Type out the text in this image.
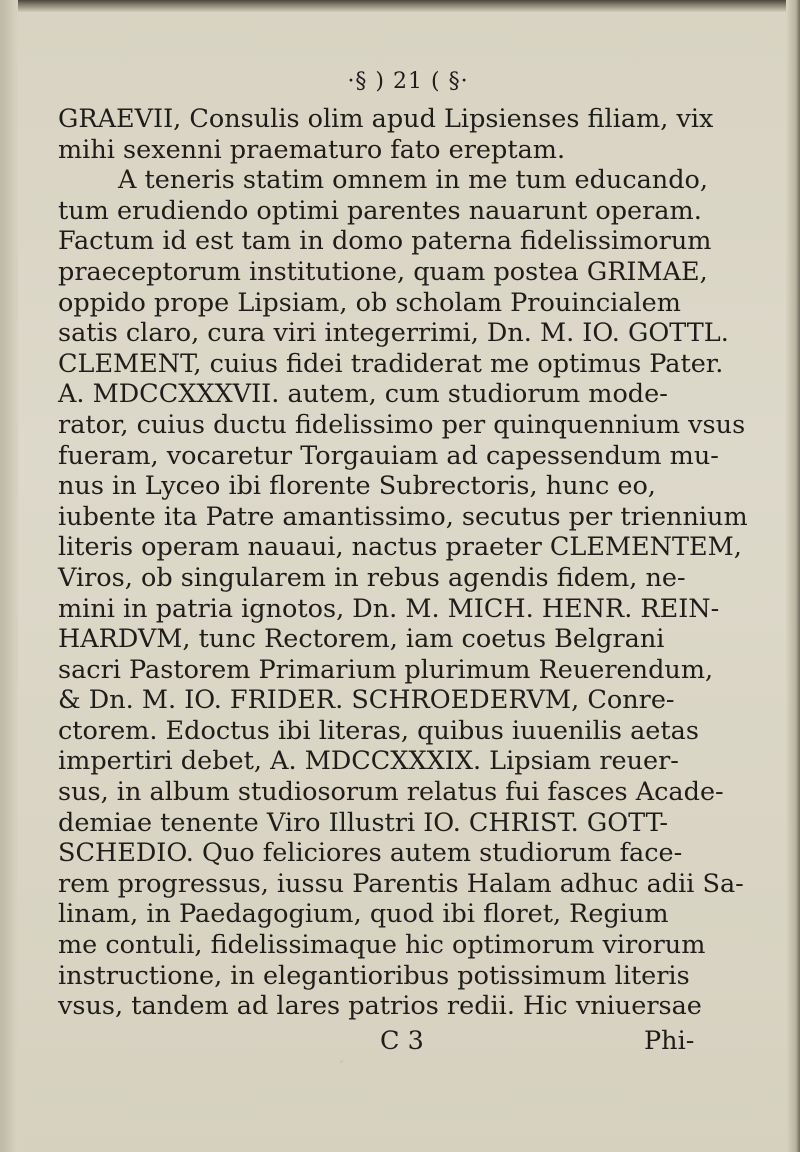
·§ ) 21 ( §·
GRAEVII, Consulis olim apud Lipsienses filiam, vix
mihi sexenni praematuro fato ereptam.
A teneris statim omnem in me tum educando,
tum erudiendo optimi parentes nauarunt operam.
Factum id est tam in domo paterna fidelissimorum
praeceptorum institutione, quam postea GRIMAE,
oppido prope Lipsiam, ob scholam Prouincialem
satis claro, cura viri integerrimi, Dn. M. IO. GOTTL.
CLEMENT, cuius fidei tradiderat me optimus Pater.
A. MDCCXXXVII. autem, cum studiorum mode-
rator, cuius ductu fidelissimo per quinquennium vsus
fueram, vocaretur Torgauiam ad capessendum mu-
nus in Lyceo ibi florente Subrectoris, hunc eo,
iubente ita Patre amantissimo, secutus per triennium
literis operam nauaui, nactus praeter CLEMENTEM,
Viros, ob singularem in rebus agendis fidem, ne-
mini in patria ignotos, Dn. M. MICH. HENR. REIN-
HARDVM, tunc Rectorem, iam coetus Belgrani
sacri Pastorem Primarium plurimum Reuerendum,
& Dn. M. IO. FRIDER. SCHROEDERVM, Conre-
ctorem. Edoctus ibi literas, quibus iuuenilis aetas
impertiri debet, A. MDCCXXXIX. Lipsiam reuer-
sus, in album studiosorum relatus fui fasces Acade-
demiae tenente Viro Illustri IO. CHRIST. GOTT-
SCHEDIO. Quo feliciores autem studiorum face-
rem progressus, iussu Parentis Halam adhuc adii Sa-
linam, in Paedagogium, quod ibi floret, Regium
me contuli, fidelissimaque hic optimorum virorum
instructione, in elegantioribus potissimum literis
vsus, tandem ad lares patrios redii. Hic vniuersae
C 3	Phi-
